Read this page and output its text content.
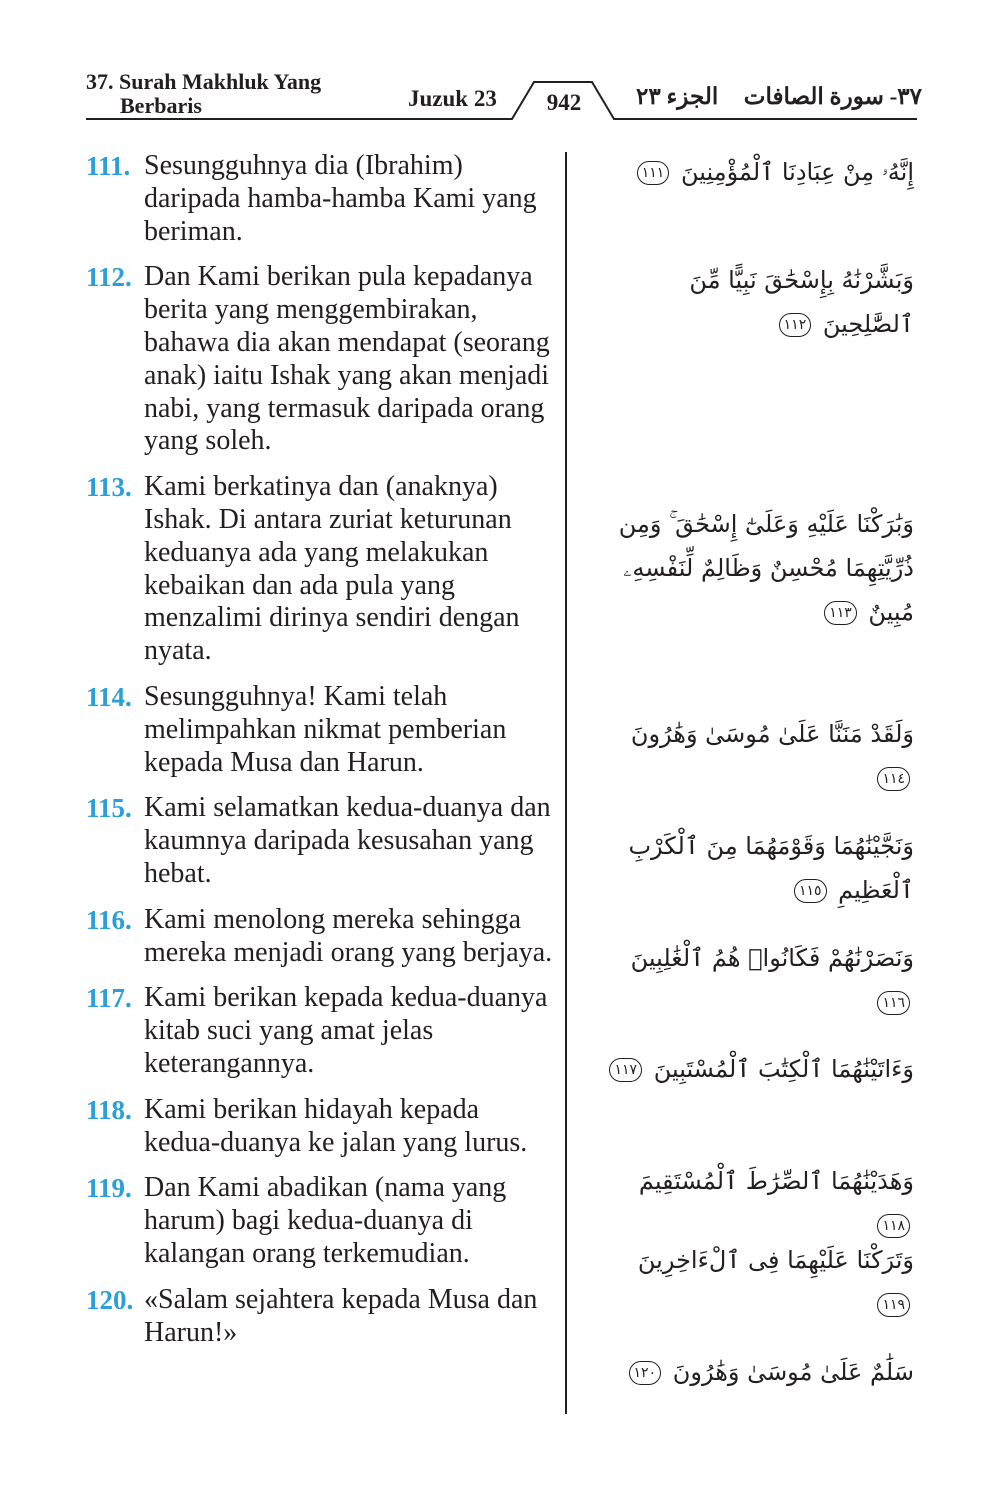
37. Surah Makhluk Yang
Berbaris	Juzuk 23	942	الجزء ٢٣ ٣٧- سورة الصافات
111. Sesungguhnya dia (Ibrahim) daripada hamba-hamba Kami yang beriman.
112. Dan Kami berikan pula kepadanya berita yang menggembirakan, bahawa dia akan mendapat (seorang anak) iaitu Ishak yang akan menjadi nabi, yang termasuk daripada orang yang soleh.
113. Kami berkatinya dan (anaknya) Ishak. Di antara zuriat keturunan keduanya ada yang melakukan kebaikan dan ada pula yang menzalimi dirinya sendiri dengan nyata.
114. Sesungguhnya! Kami telah melimpahkan nikmat pemberian kepada Musa dan Harun.
115. Kami selamatkan kedua-duanya dan kaumnya daripada kesusahan yang hebat.
116. Kami menolong mereka sehingga mereka menjadi orang yang berjaya.
117. Kami berikan kepada kedua-duanya kitab suci yang amat jelas keterangannya.
118. Kami berikan hidayah kepada kedua-duanya ke jalan yang lurus.
119. Dan Kami abadikan (nama yang harum) bagi kedua-duanya di kalangan orang terkemudian.
120. «Salam sejahtera kepada Musa dan Harun!»
إِنَّهُۥ مِنْ عِبَادِنَا ٱلْمُؤْمِنِينَ ١١١
وَبَشَّرْنَٰهُ بِإِسْحَٰقَ نَبِيًّا مِّنَ ٱلصَّٰلِحِينَ ١١٢
وَبَٰرَكْنَا عَلَيْهِ وَعَلَىٰٓ إِسْحَٰقَ ۚ وَمِن ذُرِّيَّتِهِمَا مُحْسِنٌ وَظَالِمٌ لِّنَفْسِهِۦ مُبِينٌ ١١٣
وَلَقَدْ مَنَنَّا عَلَىٰ مُوسَىٰ وَهَٰرُونَ ١١٤
وَنَجَّيْنَٰهُمَا وَقَوْمَهُمَا مِنَ ٱلْكَرْبِ ٱلْعَظِيمِ ١١٥
وَنَصَرْنَٰهُمْ فَكَانُوا۟ هُمُ ٱلْغَٰلِبِينَ ١١٦
وَءَاتَيْنَٰهُمَا ٱلْكِتَٰبَ ٱلْمُسْتَبِينَ ١١٧
وَهَدَيْنَٰهُمَا ٱلصِّرَٰطَ ٱلْمُسْتَقِيمَ ١١٨
وَتَرَكْنَا عَلَيْهِمَا فِى ٱلْءَاخِرِينَ ١١٩
سَلَٰمٌ عَلَىٰ مُوسَىٰ وَهَٰرُونَ ١٢٠
